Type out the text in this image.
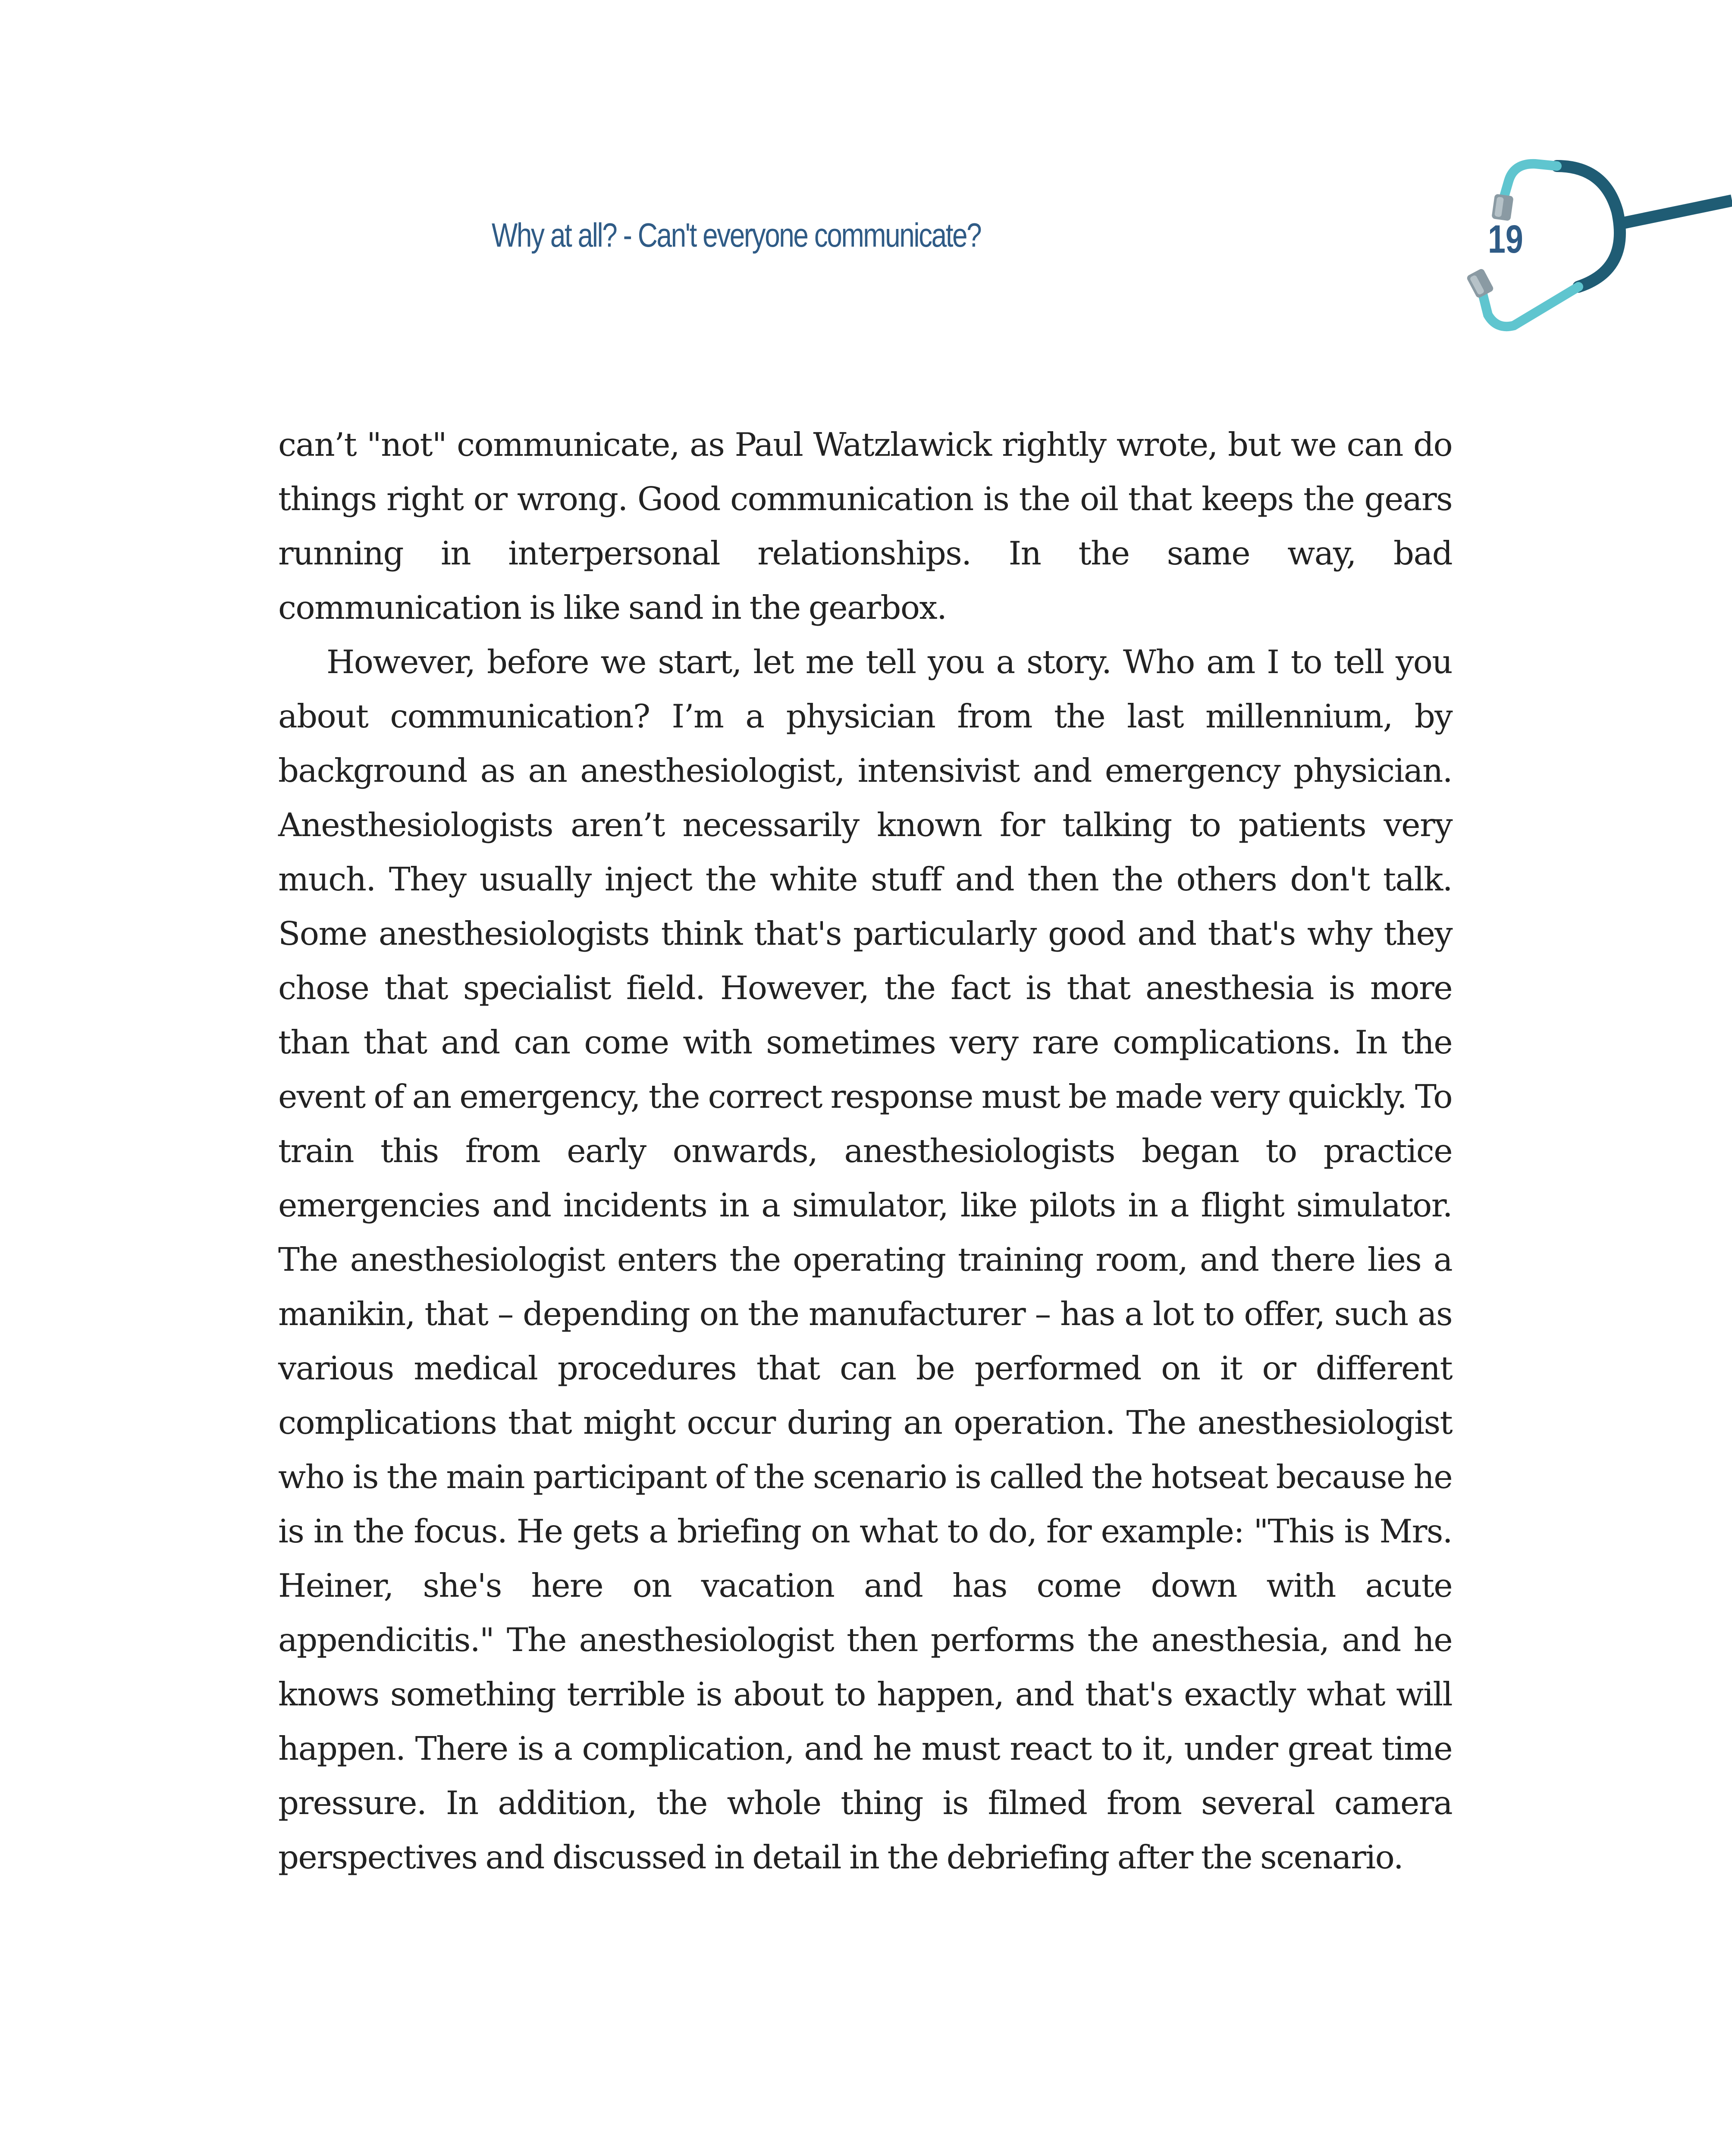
Why at all? - Can't everyone communicate?	19

can’t "not" communicate, as Paul Watzlawick rightly wrote, but we can do things right or wrong. Good communication is the oil that keeps the gears running in interpersonal relationships. In the same way, bad communication is like sand in the gearbox.

However, before we start, let me tell you a story. Who am I to tell you about communication? I’m a physician from the last millennium, by background as an anesthesiologist, intensivist and emergency physician. Anesthesiologists aren’t necessarily known for talking to patients very much. They usually inject the white stuff and then the others don't talk. Some anesthesiologists think that's particularly good and that's why they chose that specialist field. However, the fact is that anesthesia is more than that and can come with sometimes very rare complications. In the event of an emergency, the correct response must be made very quickly. To train this from early onwards, anesthesiologists began to practice emergencies and incidents in a simulator, like pilots in a flight simulator. The anesthesiologist enters the operating training room, and there lies a manikin, that – depending on the manufacturer – has a lot to offer, such as various medical procedures that can be performed on it or different complications that might occur during an operation. The anesthesiologist who is the main participant of the scenario is called the hotseat because he is in the focus. He gets a briefing on what to do, for example: "This is Mrs. Heiner, she's here on vacation and has come down with acute appendicitis." The anesthesiologist then performs the anesthesia, and he knows something terrible is about to happen, and that's exactly what will happen. There is a complication, and he must react to it, under great time pressure. In addition, the whole thing is filmed from several camera perspectives and discussed in detail in the debriefing after the scenario.
